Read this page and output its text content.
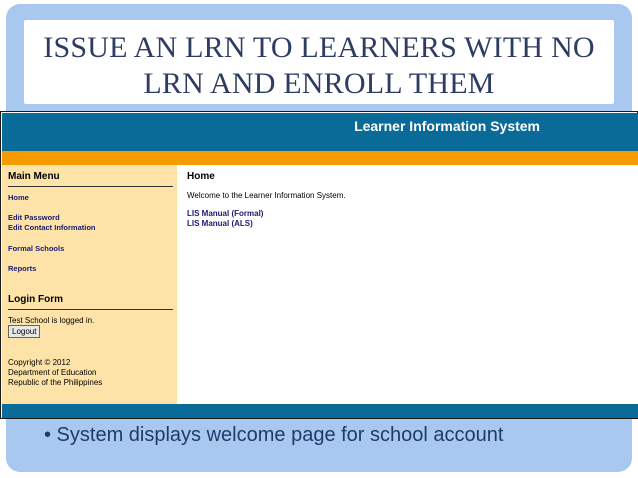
ISSUE AN LRN TO LEARNERS WITH NO
LRN AND ENROLL THEM
Learner Information System
Main Menu
Home
Edit Password
Edit Contact Information
Formal Schools
Reports
Login Form
Test School is logged in.
Logout
Copyright © 2012
Department of Education
Republic of the Philippines
Home
Welcome to the Learner Information System.
LIS Manual (Formal)
LIS Manual (ALS)
• System displays welcome page for school account
